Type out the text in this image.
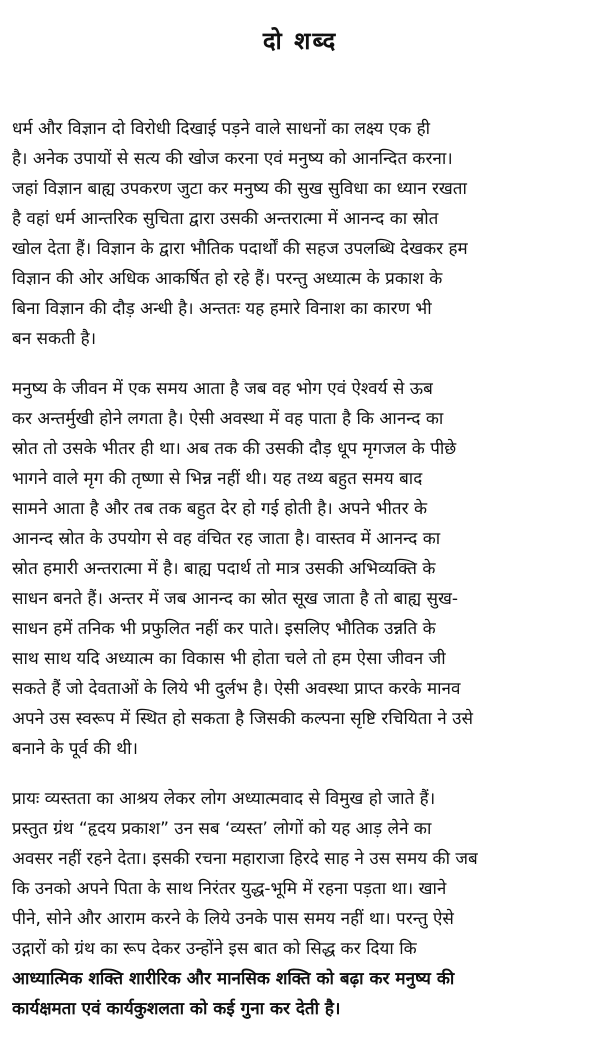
दो शब्द
धर्म और विज्ञान दो विरोधी दिखाई पड़ने वाले साधनों का लक्ष्य एक ही
है। अनेक उपायों से सत्य की खोज करना एवं मनुष्य को आनन्दित करना।
जहां विज्ञान बाह्य उपकरण जुटा कर मनुष्य की सुख सुविधा का ध्यान रखता
है वहां धर्म आन्तरिक सुचिता द्वारा उसकी अन्तरात्मा में आनन्द का स्रोत
खोल देता हैं। विज्ञान के द्वारा भौतिक पदार्थों की सहज उपलब्धि देखकर हम
विज्ञान की ओर अधिक आकर्षित हो रहे हैं। परन्तु अध्यात्म के प्रकाश के
बिना विज्ञान की दौड़ अन्धी है। अन्ततः यह हमारे विनाश का कारण भी
बन सकती है।
मनुष्य के जीवन में एक समय आता है जब वह भोग एवं ऐश्वर्य से ऊब
कर अन्तर्मुखी होने लगता है। ऐसी अवस्था में वह पाता है कि आनन्द का
स्रोत तो उसके भीतर ही था। अब तक की उसकी दौड़ धूप मृगजल के पीछे
भागने वाले मृग की तृष्णा से भिन्न नहीं थी। यह तथ्य बहुत समय बाद
सामने आता है और तब तक बहुत देर हो गई होती है। अपने भीतर के
आनन्द स्रोत के उपयोग से वह वंचित रह जाता है। वास्तव में आनन्द का
स्रोत हमारी अन्तरात्मा में है। बाह्य पदार्थ तो मात्र उसकी अभिव्यक्ति के
साधन बनते हैं। अन्तर में जब आनन्द का स्रोत सूख जाता है तो बाह्य सुख-
साधन हमें तनिक भी प्रफुलित नहीं कर पाते। इसलिए भौतिक उन्नति के
साथ साथ यदि अध्यात्म का विकास भी होता चले तो हम ऐसा जीवन जी
सकते हैं जो देवताओं के लिये भी दुर्लभ है। ऐसी अवस्था प्राप्त करके मानव
अपने उस स्वरूप में स्थित हो सकता है जिसकी कल्पना सृष्टि रचियिता ने उसे
बनाने के पूर्व की थी।
प्रायः व्यस्तता का आश्रय लेकर लोग अध्यात्मवाद से विमुख हो जाते हैं।
प्रस्तुत ग्रंथ “हृदय प्रकाश” उन सब ‘व्यस्त’ लोगों को यह आड़ लेने का
अवसर नहीं रहने देता। इसकी रचना महाराजा हिरदे साह ने उस समय की जब
कि उनको अपने पिता के साथ निरंतर युद्ध-भूमि में रहना पड़ता था। खाने
पीने, सोने और आराम करने के लिये उनके पास समय नहीं था। परन्तु ऐसे
उद्गारों को ग्रंथ का रूप देकर उन्होंने इस बात को सिद्ध कर दिया कि
आध्यात्मिक शक्ति शारीरिक और मानसिक शक्ति को बढ़ा कर मनुष्य की
कार्यक्षमता एवं कार्यकुशलता को कई गुना कर देती है।
